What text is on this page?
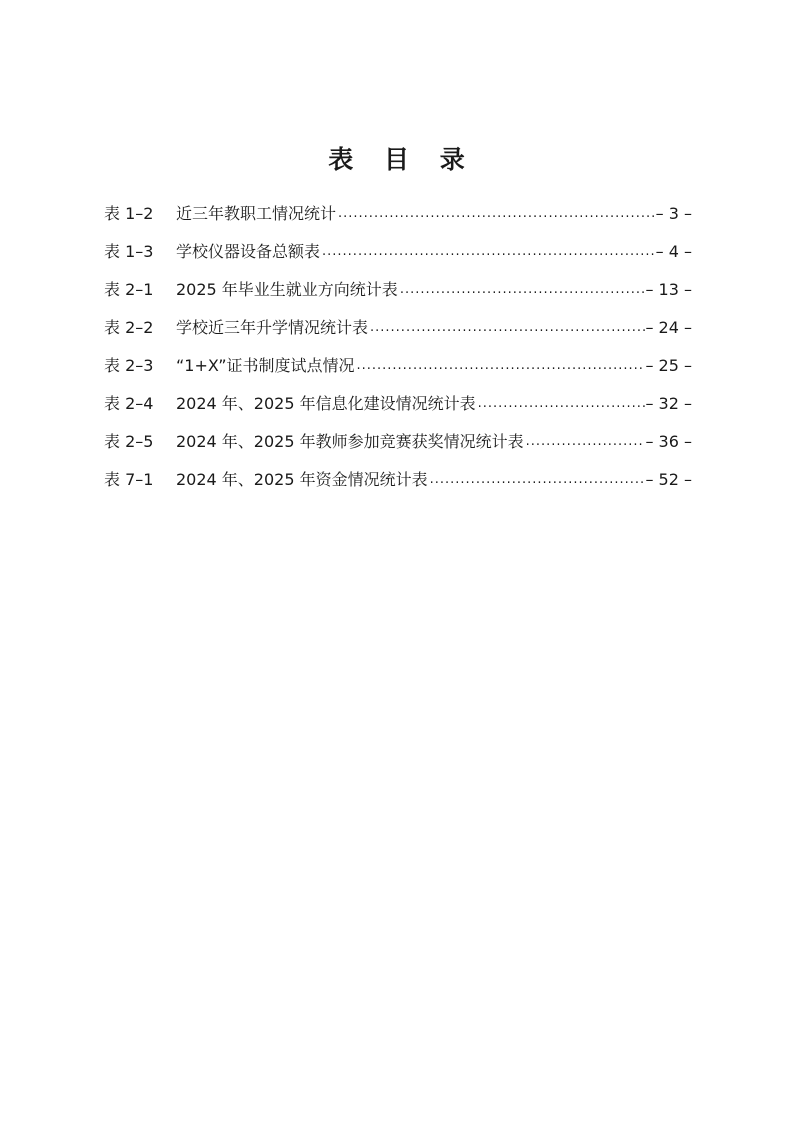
表 目 录
表 1–2	近三年教职工情况统计 .....	– 3 –
表 1–3	学校仪器设备总额表 .....	– 4 –
表 2–1	2025 年毕业生就业方向统计表 .....	– 13 –
表 2–2	学校近三年升学情况统计表 .....	– 24 –
表 2–3	“1+X”证书制度试点情况 .....	– 25 –
表 2–4	2024 年、2025 年信息化建设情况统计表 .....	– 32 –
表 2–5	2024 年、2025 年教师参加竞赛获奖情况统计表 .....	– 36 –
表 7–1	2024 年、2025 年资金情况统计表 .....	– 52 –
